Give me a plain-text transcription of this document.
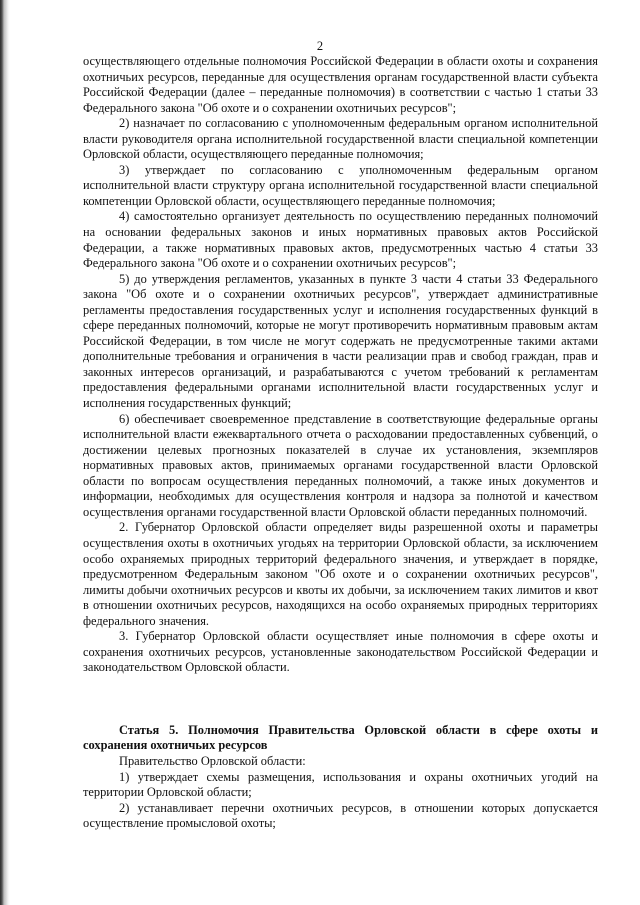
2

осуществляющего отдельные полномочия Российской Федерации в области охоты и сохранения охотничьих ресурсов, переданные для осуществления органам государственной власти субъекта Российской Федерации (далее – переданные полномочия) в соответствии с частью 1 статьи 33 Федерального закона "Об охоте и о сохранении охотничьих ресурсов";

2) назначает по согласованию с уполномоченным федеральным органом исполнительной власти руководителя органа исполнительной государственной власти специальной компетенции Орловской области, осуществляющего переданные полномочия;

3) утверждает по согласованию с уполномоченным федеральным органом исполнительной власти структуру органа исполнительной государственной власти специальной компетенции Орловской области, осуществляющего переданные полномочия;

4) самостоятельно организует деятельность по осуществлению переданных полномочий на основании федеральных законов и иных нормативных правовых актов Российской Федерации, а также нормативных правовых актов, предусмотренных частью 4 статьи 33 Федерального закона "Об охоте и о сохранении охотничьих ресурсов";

5) до утверждения регламентов, указанных в пункте 3 части 4 статьи 33 Федерального закона "Об охоте и о сохранении охотничьих ресурсов", утверждает административные регламенты предоставления государственных услуг и исполнения государственных функций в сфере переданных полномочий, которые не могут противоречить нормативным правовым актам Российской Федерации, в том числе не могут содержать не предусмотренные такими актами дополнительные требования и ограничения в части реализации прав и свобод граждан, прав и законных интересов организаций, и разрабатываются с учетом требований к регламентам предоставления федеральными органами исполнительной власти государственных услуг и исполнения государственных функций;

6) обеспечивает своевременное представление в соответствующие федеральные органы исполнительной власти ежеквартального отчета о расходовании предоставленных субвенций, о достижении целевых прогнозных показателей в случае их установления, экземпляров нормативных правовых актов, принимаемых органами государственной власти Орловской области по вопросам осуществления переданных полномочий, а также иных документов и информации, необходимых для осуществления контроля и надзора за полнотой и качеством осуществления органами государственной власти Орловской области переданных полномочий.

2. Губернатор Орловской области определяет виды разрешенной охоты и параметры осуществления охоты в охотничьих угодьях на территории Орловской области, за исключением особо охраняемых природных территорий федерального значения, и утверждает в порядке, предусмотренном Федеральным законом "Об охоте и о сохранении охотничьих ресурсов", лимиты добычи охотничьих ресурсов и квоты их добычи, за исключением таких лимитов и квот в отношении охотничьих ресурсов, находящихся на особо охраняемых природных территориях федерального значения.

3. Губернатор Орловской области осуществляет иные полномочия в сфере охоты и сохранения охотничьих ресурсов, установленные законодательством Российской Федерации и законодательством Орловской области.

Статья 5. Полномочия Правительства Орловской области в сфере охоты и сохранения охотничьих ресурсов

Правительство Орловской области:

1) утверждает схемы размещения, использования и охраны охотничьих угодий на территории Орловской области;

2) устанавливает перечни охотничьих ресурсов, в отношении которых допускается осуществление промысловой охоты;
